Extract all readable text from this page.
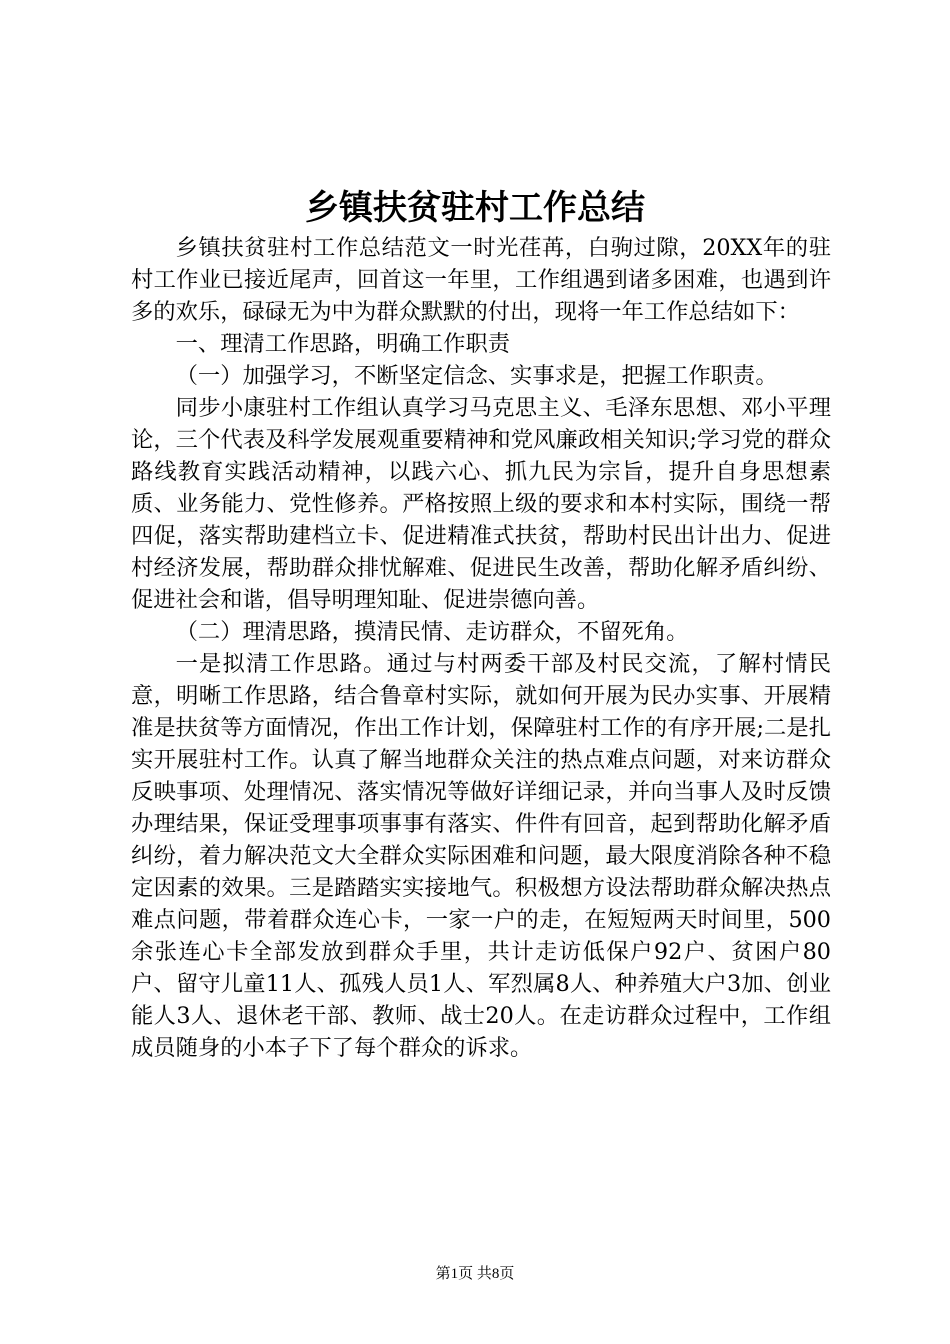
乡镇扶贫驻村工作总结

乡镇扶贫驻村工作总结范文一时光荏苒，白驹过隙，20XX年的驻村工作业已接近尾声，回首这一年里，工作组遇到诸多困难，也遇到许多的欢乐，碌碌无为中为群众默默的付出，现将一年工作总结如下：

一、理清工作思路，明确工作职责

（一）加强学习，不断坚定信念、实事求是，把握工作职责。

同步小康驻村工作组认真学习马克思主义、毛泽东思想、邓小平理论，三个代表及科学发展观重要精神和党风廉政相关知识;学习党的群众路线教育实践活动精神，以践六心、抓九民为宗旨，提升自身思想素质、业务能力、党性修养。严格按照上级的要求和本村实际，围绕一帮四促，落实帮助建档立卡、促进精准式扶贫，帮助村民出计出力、促进村经济发展，帮助群众排忧解难、促进民生改善，帮助化解矛盾纠纷、促进社会和谐，倡导明理知耻、促进崇德向善。

（二）理清思路，摸清民情、走访群众，不留死角。

一是拟清工作思路。通过与村两委干部及村民交流，了解村情民意，明晰工作思路，结合鲁章村实际，就如何开展为民办实事、开展精准是扶贫等方面情况，作出工作计划，保障驻村工作的有序开展;二是扎实开展驻村工作。认真了解当地群众关注的热点难点问题，对来访群众反映事项、处理情况、落实情况等做好详细记录，并向当事人及时反馈办理结果，保证受理事项事事有落实、件件有回音，起到帮助化解矛盾纠纷，着力解决范文大全群众实际困难和问题，最大限度消除各种不稳定因素的效果。三是踏踏实实接地气。积极想方设法帮助群众解决热点难点问题，带着群众连心卡，一家一户的走，在短短两天时间里，500余张连心卡全部发放到群众手里，共计走访低保户92户、贫困户80户、留守儿童11人、孤残人员1人、军烈属8人、种养殖大户3加、创业能人3人、退休老干部、教师、战士20人。在走访群众过程中，工作组成员随身的小本子下了每个群众的诉求。

第1页 共8页
